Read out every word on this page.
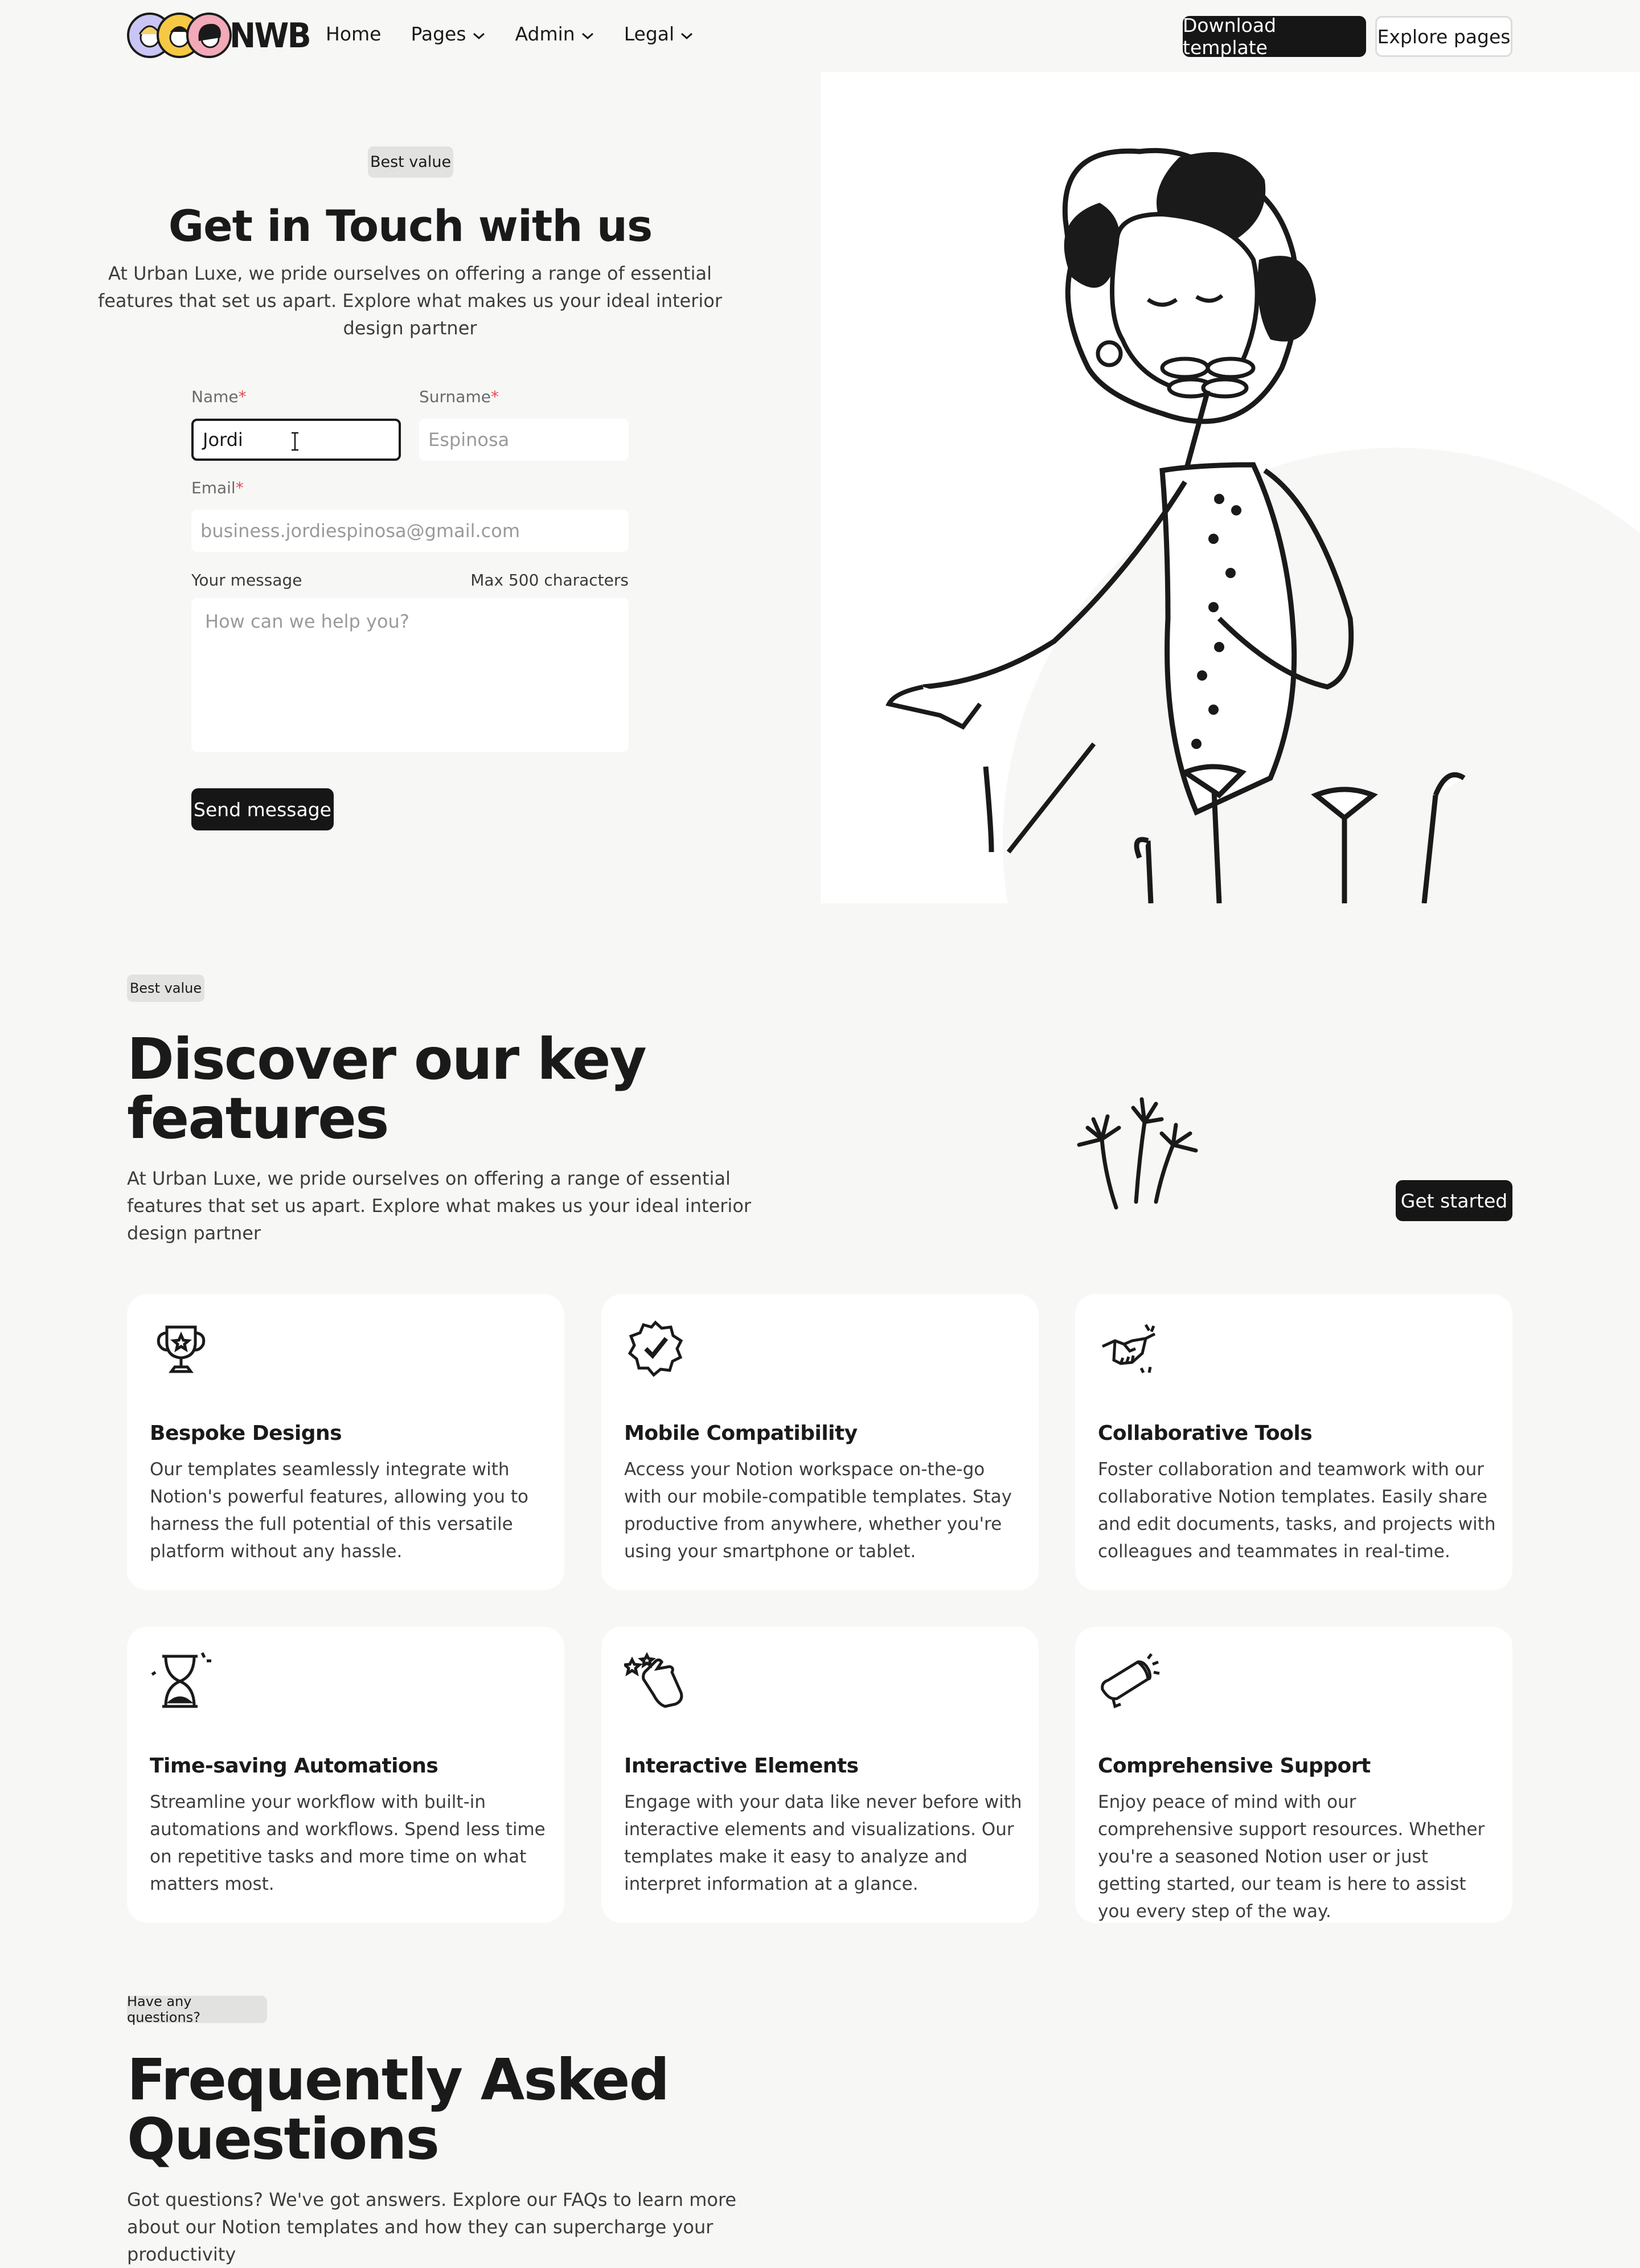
NWB Home Pages	Admin	Legal	Download template	Explore pages
Best value
Get in Touch with us

At Urban Luxe, we pride ourselves on offering a range of essential features that set us apart. Explore what makes us your ideal interior design partner

Name*
Jordi
Surname*
Espinosa
Email*
business.jordiespinosa@gmail.com
Your message	Max 500 characters
How can we help you?
Send message
Best value
Discover our key
features

At Urban Luxe, we pride ourselves on offering a range of essential features that set us apart. Explore what makes us your ideal interior design partner

Get started
Bespoke Designs

Our templates seamlessly integrate with Notion's powerful features, allowing you to harness the full potential of this versatile platform without any hassle.

Mobile Compatibility

Access your Notion workspace on-the-go with our mobile-compatible templates. Stay productive from anywhere, whether you're using your smartphone or tablet.

Collaborative Tools

Foster collaboration and teamwork with our collaborative Notion templates. Easily share and edit documents, tasks, and projects with colleagues and teammates in real-time.

Time-saving Automations

Streamline your workflow with built-in automations and workflows. Spend less time on repetitive tasks and more time on what matters most.

Interactive Elements

Engage with your data like never before with interactive elements and visualizations. Our templates make it easy to analyze and interpret information at a glance.

Comprehensive Support

Enjoy peace of mind with our comprehensive support resources. Whether you're a seasoned Notion user or just getting started, our team is here to assist you every step of the way.

Have any questions?
Frequently Asked
Questions

Got questions? We've got answers. Explore our FAQs to learn more about our Notion templates and how they can supercharge your productivity
